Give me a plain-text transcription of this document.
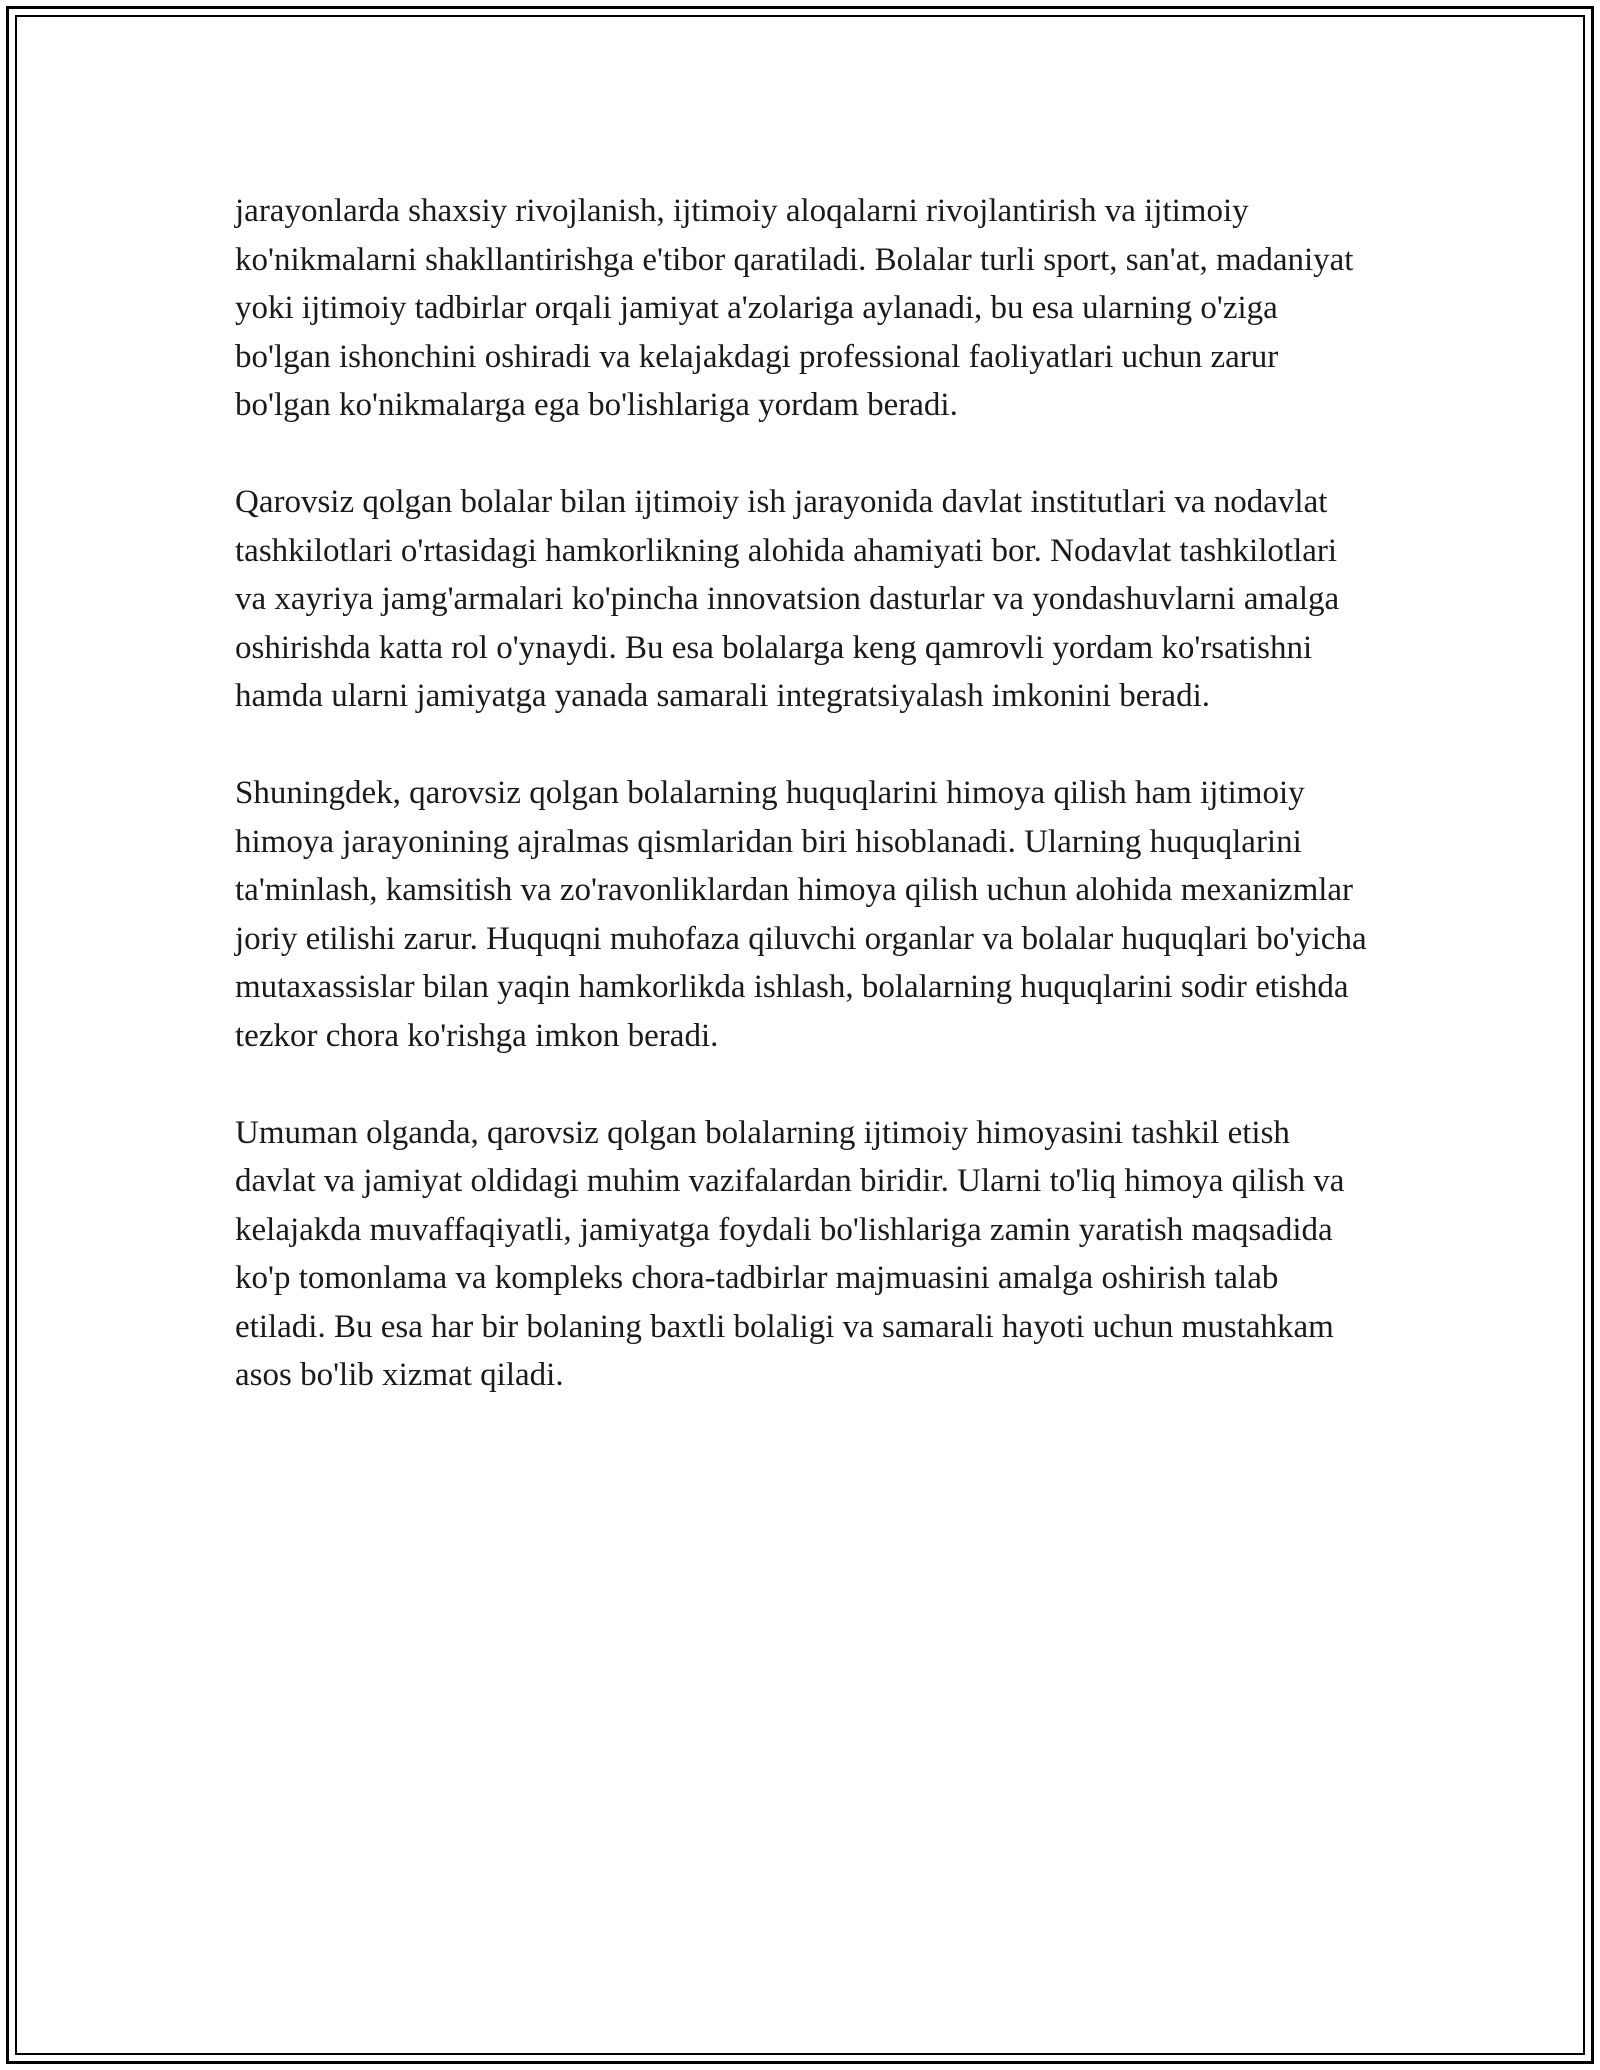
jarayonlarda shaxsiy rivojlanish, ijtimoiy aloqalarni rivojlantirish va ijtimoiy ko'nikmalarni shakllantirishga e'tibor qaratiladi. Bolalar turli sport, san'at, madaniyat yoki ijtimoiy tadbirlar orqali jamiyat a'zolariga aylanadi, bu esa ularning o'ziga bo'lgan ishonchini oshiradi va kelajakdagi professional faoliyatlari uchun zarur bo'lgan ko'nikmalarga ega bo'lishlariga yordam beradi.

Qarovsiz qolgan bolalar bilan ijtimoiy ish jarayonida davlat institutlari va nodavlat tashkilotlari o'rtasidagi hamkorlikning alohida ahamiyati bor. Nodavlat tashkilotlari va xayriya jamg'armalari ko'pincha innovatsion dasturlar va yondashuvlarni amalga oshirishda katta rol o'ynaydi. Bu esa bolalarga keng qamrovli yordam ko'rsatishni hamda ularni jamiyatga yanada samarali integratsiyalash imkonini beradi.

Shuningdek, qarovsiz qolgan bolalarning huquqlarini himoya qilish ham ijtimoiy himoya jarayonining ajralmas qismlaridan biri hisoblanadi. Ularning huquqlarini ta'minlash, kamsitish va zo'ravonliklardan himoya qilish uchun alohida mexanizmlar joriy etilishi zarur. Huquqni muhofaza qiluvchi organlar va bolalar huquqlari bo'yicha mutaxassislar bilan yaqin hamkorlikda ishlash, bolalarning huquqlarini sodir etishda tezkor chora ko'rishga imkon beradi.

Umuman olganda, qarovsiz qolgan bolalarning ijtimoiy himoyasini tashkil etish davlat va jamiyat oldidagi muhim vazifalardan biridir. Ularni to'liq himoya qilish va kelajakda muvaffaqiyatli, jamiyatga foydali bo'lishlariga zamin yaratish maqsadida ko'p tomonlama va kompleks chora-tadbirlar majmuasini amalga oshirish talab etiladi. Bu esa har bir bolaning baxtli bolaligi va samarali hayoti uchun mustahkam asos bo'lib xizmat qiladi.
